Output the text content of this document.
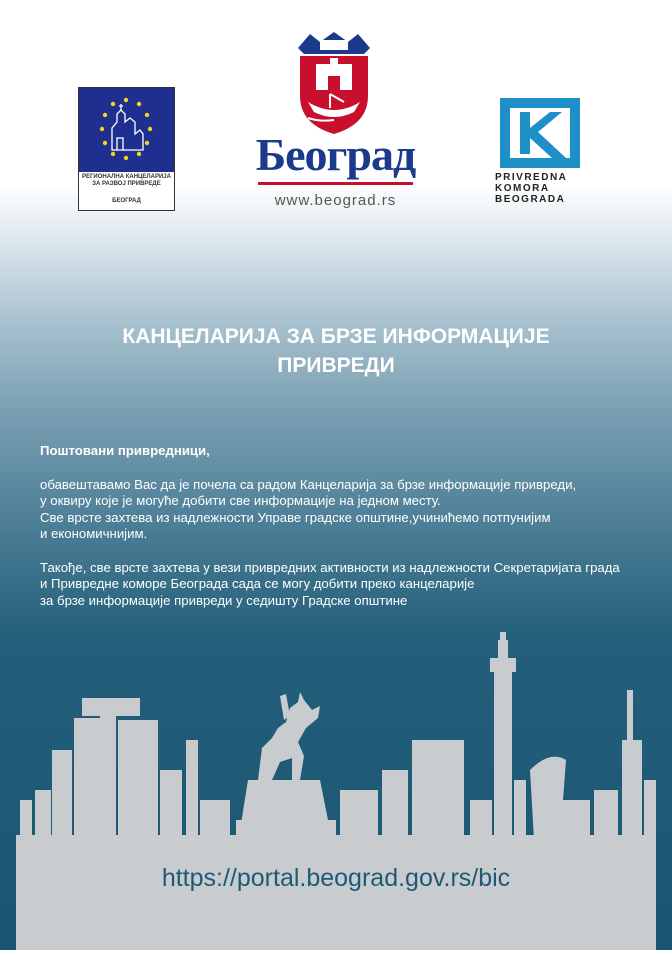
РЕГИОНАЛНА КАНЦЕЛАРИЈА ЗА РАЗВОЈ ПРИВРЕДЕ
БЕОГРАД
Београд
www.beograd.rs
PRIVREDNA
KOMORA
BEOGRADA
КАНЦЕЛАРИЈА ЗА БРЗЕ ИНФОРМАЦИЈЕ
ПРИВРЕДИ
Поштовани привредници,
обавештавамо Вас да је почела са радом Канцеларија за брзе информације привреди,
у оквиру које је могуће добити све информације на једном месту.
Све врсте захтева из надлежности Управе градске општине,учинићемо потпунијим
и економичнијим.
Такође, све врсте захтева у вези привредних активности из надлежности Секретаријата града
и Привредне коморе Београда сада се могу добити преко канцеларије
за брзе информације привреди у седишту Градске општине
https://portal.beograd.gov.rs/bic
